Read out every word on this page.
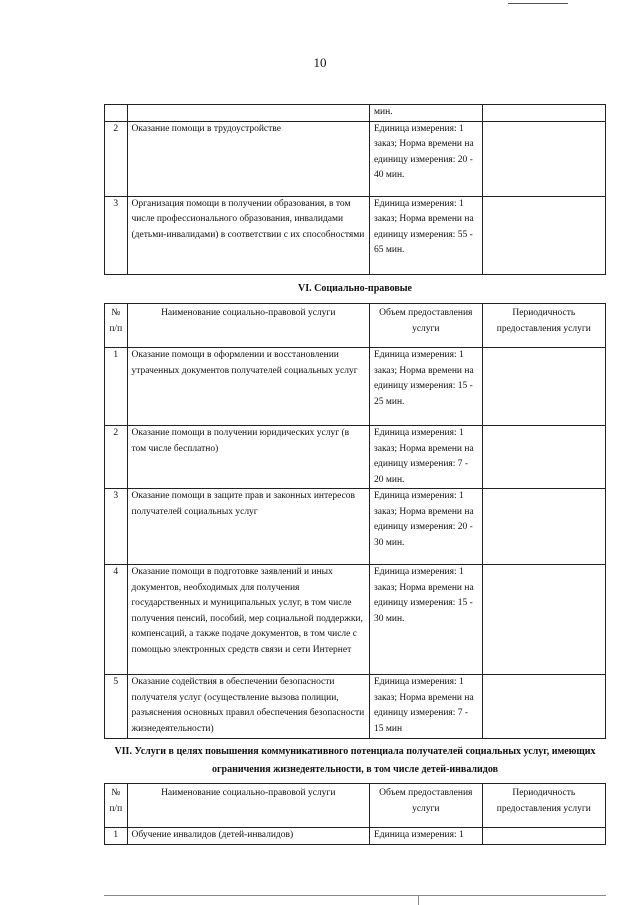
10
		мин.	
2	Оказание помощи в трудоустройстве	Единица измерения: 1 заказ; Норма времени на единицу измерения: 20 - 40 мин.	
3	Организация помощи в получении образования, в том числе профессионального образования, инвалидами (детьми-инвалидами) в соответствии с их способностями	Единица измерения: 1 заказ; Норма времени на единицу измерения: 55 - 65 мин.	
VI. Социально-правовые
№ п/п	Наименование социально-правовой услуги	Объем предоставления услуги	Периодичность предоставления услуги
1	Оказание помощи в оформлении и восстановлении утраченных документов получателей социальных услуг	Единица измерения: 1 заказ; Норма времени на единицу измерения: 15 - 25 мин.	
2	Оказание помощи в получении юридических услуг (в том числе бесплатно)	Единица измерения: 1 заказ; Норма времени на единицу измерения: 7 - 20 мин.	
3	Оказание помощи в защите прав и законных интересов получателей социальных услуг	Единица измерения: 1 заказ; Норма времени на единицу измерения: 20 - 30 мин.	
4	Оказание помощи в подготовке заявлений и иных документов, необходимых для получения государственных и муниципальных услуг, в том числе получения пенсий, пособий, мер социальной поддержки, компенсаций, а также подаче документов, в том числе с помощью электронных средств связи и сети Интернет	Единица измерения: 1 заказ; Норма времени на единицу измерения: 15 - 30 мин.	
5	Оказание содействия в обеспечении безопасности получателя услуг (осуществление вызова полиции, разъяснения основных правил обеспечения безопасности жизнедеятельности)	Единица измерения: 1 заказ; Норма времени на единицу измерения: 7 - 15 мин	
VII. Услуги в целях повышения коммуникативного потенциала получателей социальных услуг, имеющих ограничения жизнедеятельности, в том числе детей-инвалидов
№ п/п	Наименование социально-правовой услуги	Объем предоставления услуги	Периодичность предоставления услуги
1	Обучение инвалидов (детей-инвалидов)	Единица измерения: 1	
